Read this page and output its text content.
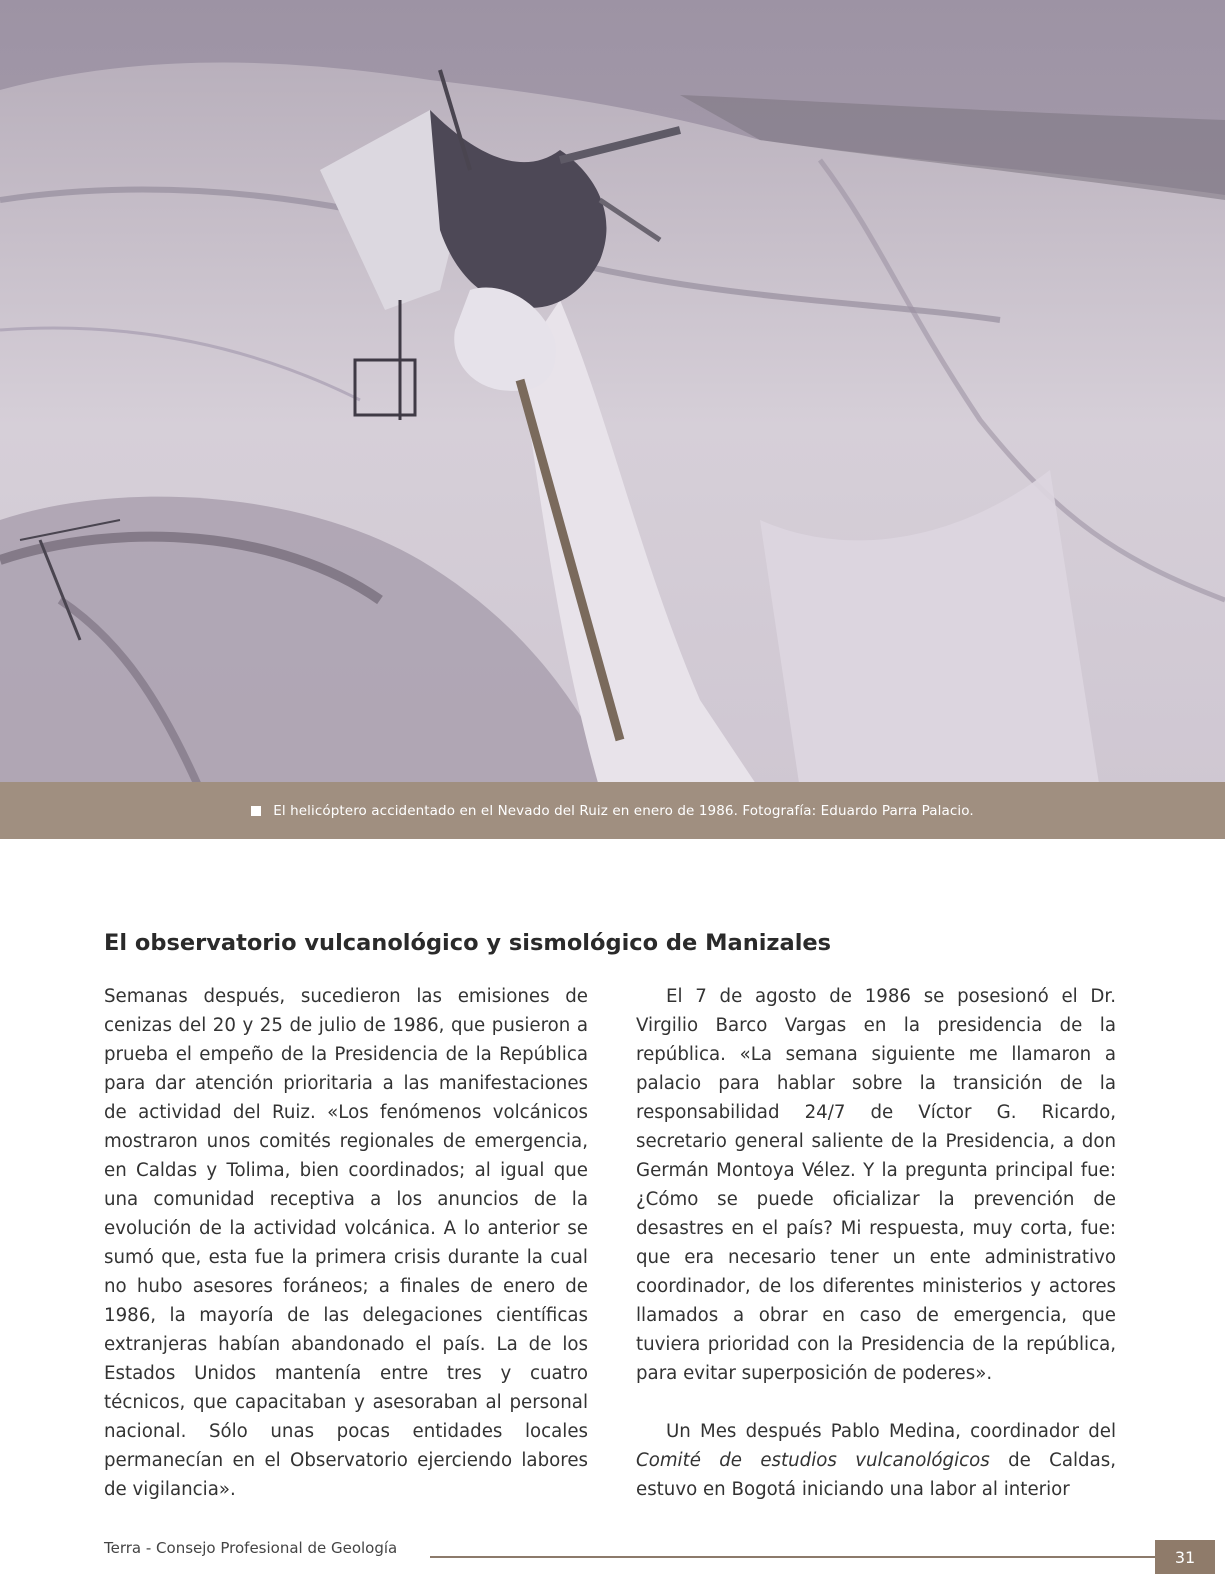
El helicóptero accidentado en el Nevado del Ruiz en enero de 1986. Fotografía: Eduardo Parra Palacio.
El observatorio vulcanológico y sismológico de Manizales

Semanas después, sucedieron las emisiones de cenizas del 20 y 25 de julio de 1986, que pusieron a prueba el empeño de la Presidencia de la República para dar atención prioritaria a las manifestaciones de actividad del Ruiz. «Los fenómenos volcánicos mostraron unos comités regionales de emergencia, en Caldas y Tolima, bien coordinados; al igual que una comunidad receptiva a los anuncios de la evolución de la actividad volcánica. A lo anterior se sumó que, esta fue la primera crisis durante la cual no hubo asesores foráneos; a finales de enero de 1986, la mayoría de las delegaciones científicas extranjeras habían abandonado el país. La de los Estados Unidos mantenía entre tres y cuatro técnicos, que capacitaban y asesoraban al personal nacional. Sólo unas pocas entidades locales permanecían en el Observatorio ejerciendo labores de vigilancia».

El 7 de agosto de 1986 se posesionó el Dr. Virgilio Barco Vargas en la presidencia de la república. «La semana siguiente me llamaron a palacio para hablar sobre la transición de la responsabilidad 24/7 de Víctor G. Ricardo, secretario general saliente de la Presidencia, a don Germán Montoya Vélez. Y la pregunta principal fue: ¿Cómo se puede oficializar la prevención de desastres en el país? Mi respuesta, muy corta, fue: que era necesario tener un ente administrativo coordinador, de los diferentes ministerios y actores llamados a obrar en caso de emergencia, que tuviera prioridad con la Presidencia de la república, para evitar superposición de poderes».

Un Mes después Pablo Medina, coordinador del Comité de estudios vulcanológicos de Caldas, estuvo en Bogotá iniciando una labor al interior

Terra - Consejo Profesional de Geología	31
